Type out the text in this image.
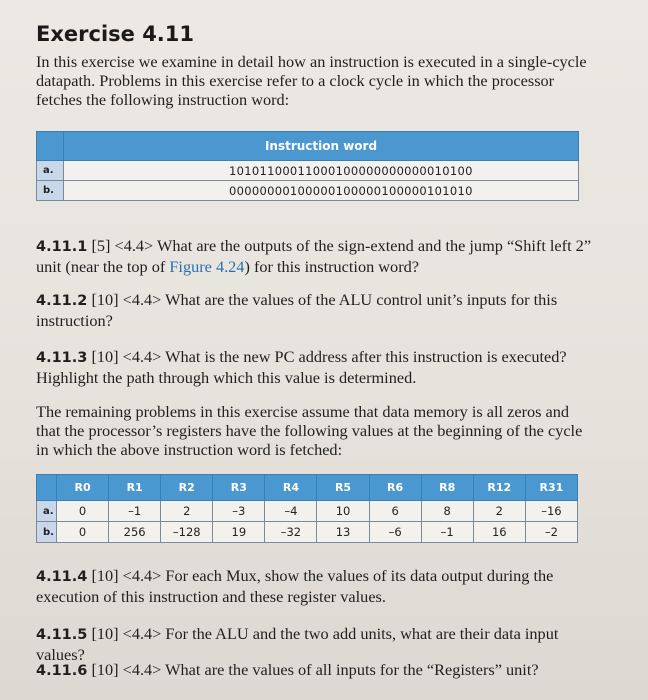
Exercise 4.11
In this exercise we examine in detail how an instruction is executed in a single-cycle datapath. Problems in this exercise refer to a clock cycle in which the processor fetches the following instruction word:
	Instruction word
a.	10101100011000100000000000010100
b.	00000000100000100000100000101010
4.11.1 [5] <4.4> What are the outputs of the sign-extend and the jump “Shift left 2” unit (near the top of Figure 4.24) for this instruction word?
4.11.2 [10] <4.4> What are the values of the ALU control unit’s inputs for this instruction?
4.11.3 [10] <4.4> What is the new PC address after this instruction is executed? Highlight the path through which this value is determined.
The remaining problems in this exercise assume that data memory is all zeros and that the processor’s registers have the following values at the beginning of the cycle in which the above instruction word is fetched:
	R0	R1	R2	R3	R4	R5	R6	R8	R12	R31
a.	0	–1	2	–3	–4	10	6	8	2	–16
b.	0	256	–128	19	–32	13	–6	–1	16	–2
4.11.4 [10] <4.4> For each Mux, show the values of its data output during the execution of this instruction and these register values.
4.11.5 [10] <4.4> For the ALU and the two add units, what are their data input values?
4.11.6 [10] <4.4> What are the values of all inputs for the “Registers” unit?
